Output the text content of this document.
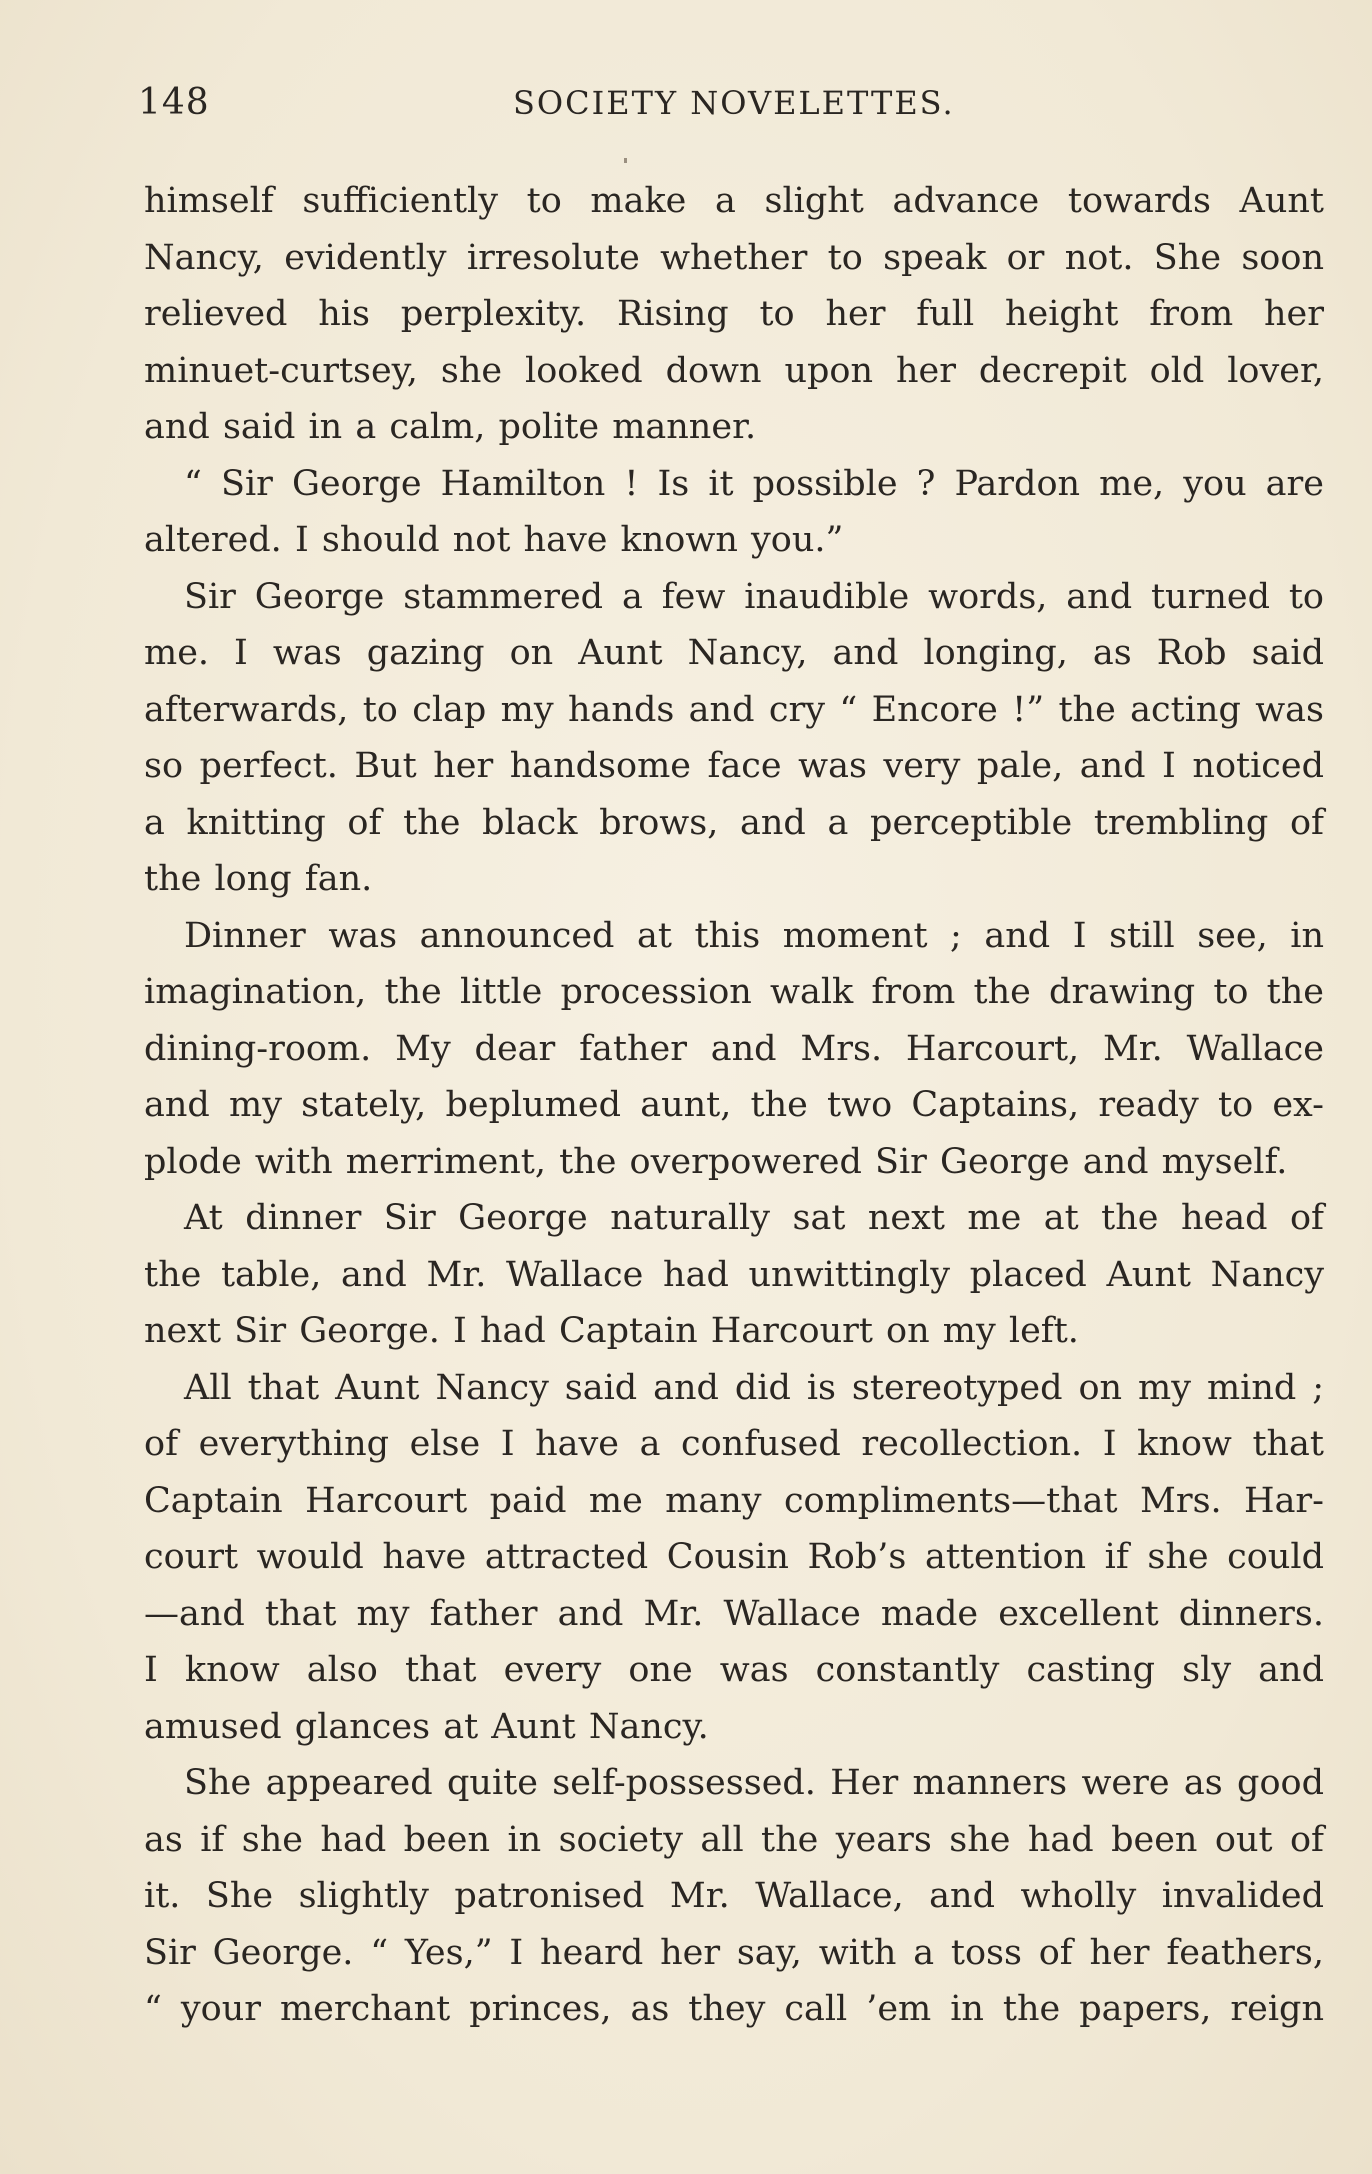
148	SOCIETY NOVELETTES.
himself sufficiently to make a slight advance towards Aunt
Nancy, evidently irresolute whether to speak or not. She soon
relieved his perplexity. Rising to her full height from her
minuet-curtsey, she looked down upon her decrepit old lover,
and said in a calm, polite manner.
“ Sir George Hamilton ! Is it possible ? Pardon me, you are
altered. I should not have known you.”
Sir George stammered a few inaudible words, and turned to
me. I was gazing on Aunt Nancy, and longing, as Rob said
afterwards, to clap my hands and cry “ Encore !” the acting was
so perfect. But her handsome face was very pale, and I noticed
a knitting of the black brows, and a perceptible trembling of
the long fan.
Dinner was announced at this moment ; and I still see, in
imagination, the little procession walk from the drawing to the
dining-room. My dear father and Mrs. Harcourt, Mr. Wallace
and my stately, beplumed aunt, the two Captains, ready to ex-
plode with merriment, the overpowered Sir George and myself.
At dinner Sir George naturally sat next me at the head of
the table, and Mr. Wallace had unwittingly placed Aunt Nancy
next Sir George. I had Captain Harcourt on my left.
All that Aunt Nancy said and did is stereotyped on my mind ;
of everything else I have a confused recollection. I know that
Captain Harcourt paid me many compliments—that Mrs. Har-
court would have attracted Cousin Rob’s attention if she could
—and that my father and Mr. Wallace made excellent dinners.
I know also that every one was constantly casting sly and
amused glances at Aunt Nancy.
She appeared quite self-possessed. Her manners were as good
as if she had been in society all the years she had been out of
it. She slightly patronised Mr. Wallace, and wholly invalided
Sir George. “ Yes,” I heard her say, with a toss of her feathers,
“ your merchant princes, as they call ’em in the papers, reign
